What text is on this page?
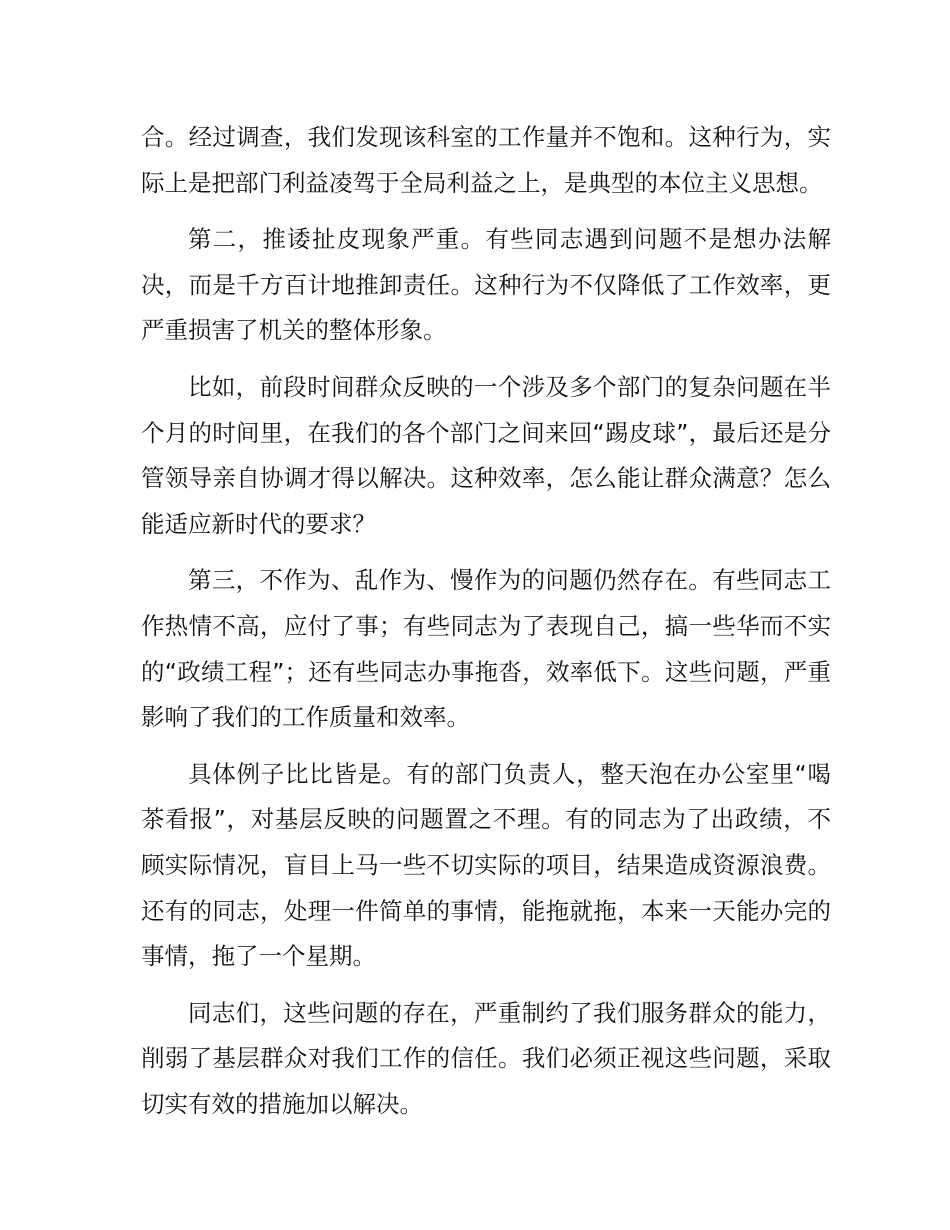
合。经过调查，我们发现该科室的工作量并不饱和。这种行为，实际上是把部门利益凌驾于全局利益之上，是典型的本位主义思想。

第二，推诿扯皮现象严重。有些同志遇到问题不是想办法解决，而是千方百计地推卸责任。这种行为不仅降低了工作效率，更严重损害了机关的整体形象。

比如，前段时间群众反映的一个涉及多个部门的复杂问题在半个月的时间里，在我们的各个部门之间来回“踢皮球”，最后还是分管领导亲自协调才得以解决。这种效率，怎么能让群众满意？怎么能适应新时代的要求？

第三，不作为、乱作为、慢作为的问题仍然存在。有些同志工作热情不高，应付了事；有些同志为了表现自己，搞一些华而不实的“政绩工程”；还有些同志办事拖沓，效率低下。这些问题，严重影响了我们的工作质量和效率。

具体例子比比皆是。有的部门负责人，整天泡在办公室里“喝茶看报”，对基层反映的问题置之不理。有的同志为了出政绩，不顾实际情况，盲目上马一些不切实际的项目，结果造成资源浪费。还有的同志，处理一件简单的事情，能拖就拖，本来一天能办完的事情，拖了一个星期。

同志们，这些问题的存在，严重制约了我们服务群众的能力，削弱了基层群众对我们工作的信任。我们必须正视这些问题，采取切实有效的措施加以解决。
